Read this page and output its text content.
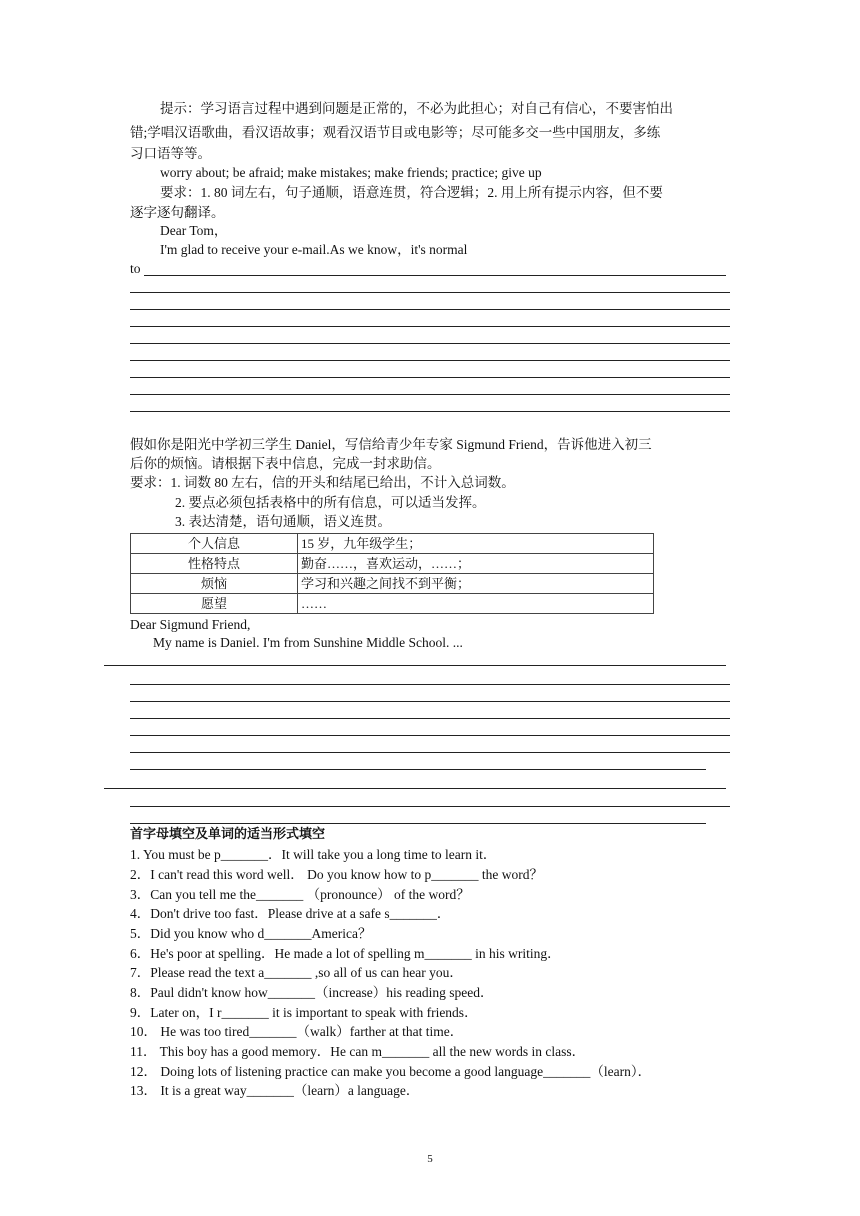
提示：学习语言过程中遇到问题是正常的，不必为此担心；对自己有信心，不要害怕出
错;学唱汉语歌曲，看汉语故事；观看汉语节目或电影等；尽可能多交一些中国朋友，多练
习口语等等。
worry about; be afraid; make mistakes; make friends; practice; give up
要求：1. 80 词左右，句子通顺，语意连贯，符合逻辑；2. 用上所有提示内容，但不要
逐字逐句翻译。
Dear Tom，
I'm glad to receive your e-mail.As we know，it's normal
to
假如你是阳光中学初三学生 Daniel，写信给青少年专家 Sigmund Friend，告诉他进入初三
后你的烦恼。请根据下表中信息，完成一封求助信。
要求：1. 词数 80 左右，信的开头和结尾已给出，不计入总词数。
2. 要点必须包括表格中的所有信息，可以适当发挥。
3. 表达清楚，语句通顺，语义连贯。
个人信息	15 岁，九年级学生；
性格特点	勤奋……，喜欢运动，……；
烦恼	学习和兴趣之间找不到平衡；
愿望	……
Dear Sigmund Friend,
My name is Daniel. I'm from Sunshine Middle School. ...
首字母填空及单词的适当形式填空
1. You must be p_______．It will take you a long time to learn it．
2．I can't read this word well． Do you know how to p_______ the word？
3．Can you tell me the_______ （pronounce） of the word？
4．Don't drive too fast．Please drive at a safe s_______．
5．Did you know who d_______America？
6．He's poor at spelling．He made a lot of spelling m_______ in his writing．
7．Please read the text a_______ ,so all of us can hear you．
8．Paul didn't know how_______（increase）his reading speed．
9．Later on，I r_______ it is important to speak with friends．
10． He was too tired_______（walk）farther at that time．
11． This boy has a good memory．He can m_______ all the new words in class．
12． Doing lots of listening practice can make you become a good language_______（learn）．
13． It is a great way_______（learn）a language．
5
